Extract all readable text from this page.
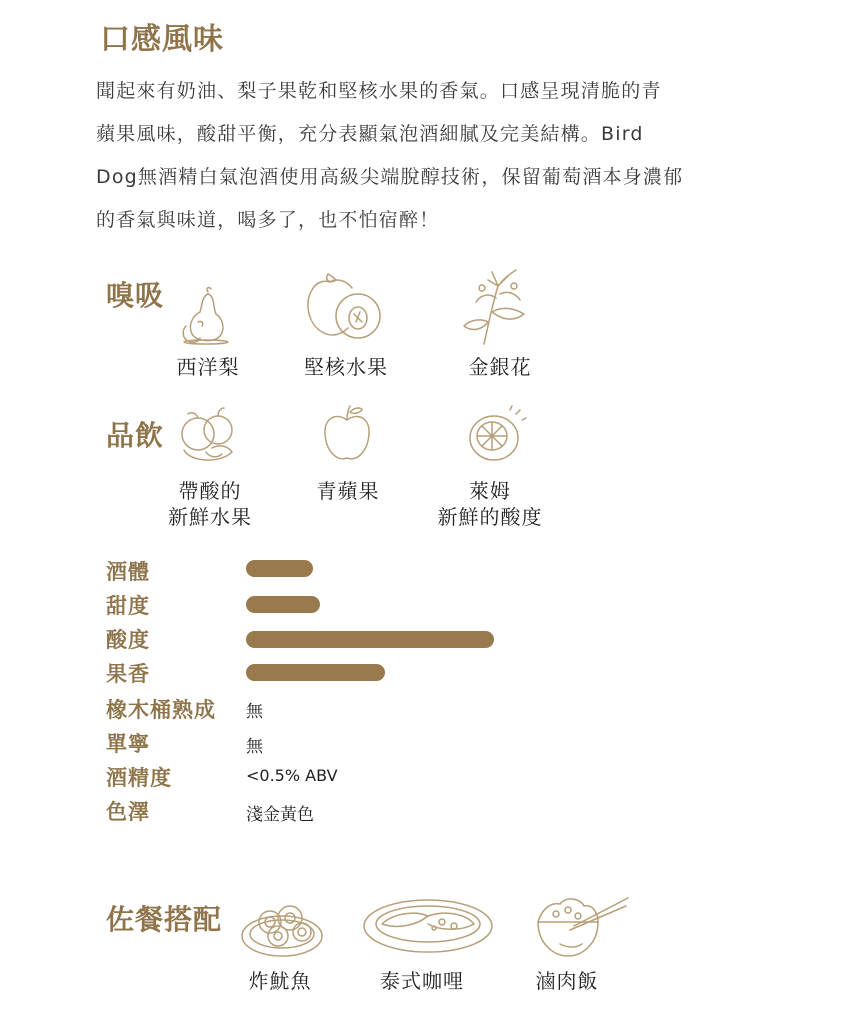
口感風味

聞起來有奶油、梨子果乾和堅核水果的香氣。口感呈現清脆的青

蘋果風味，酸甜平衡，充分表顯氣泡酒細膩及完美結構。Bird

Dog無酒精白氣泡酒使用高級尖端脫醇技術，保留葡萄酒本身濃郁

的香氣與味道，喝多了，也不怕宿醉！

嗅吸
西洋梨	堅核水果	金銀花
品飲
帶酸的
新鮮水果
青蘋果	萊姆
新鮮的酸度
酒體
甜度
酸度
果香
橡木桶熟成 無
單寧	無
酒精度	<0.5% ABV
色澤	淺金黃色
佐餐搭配
炸魷魚	泰式咖哩	滷肉飯
